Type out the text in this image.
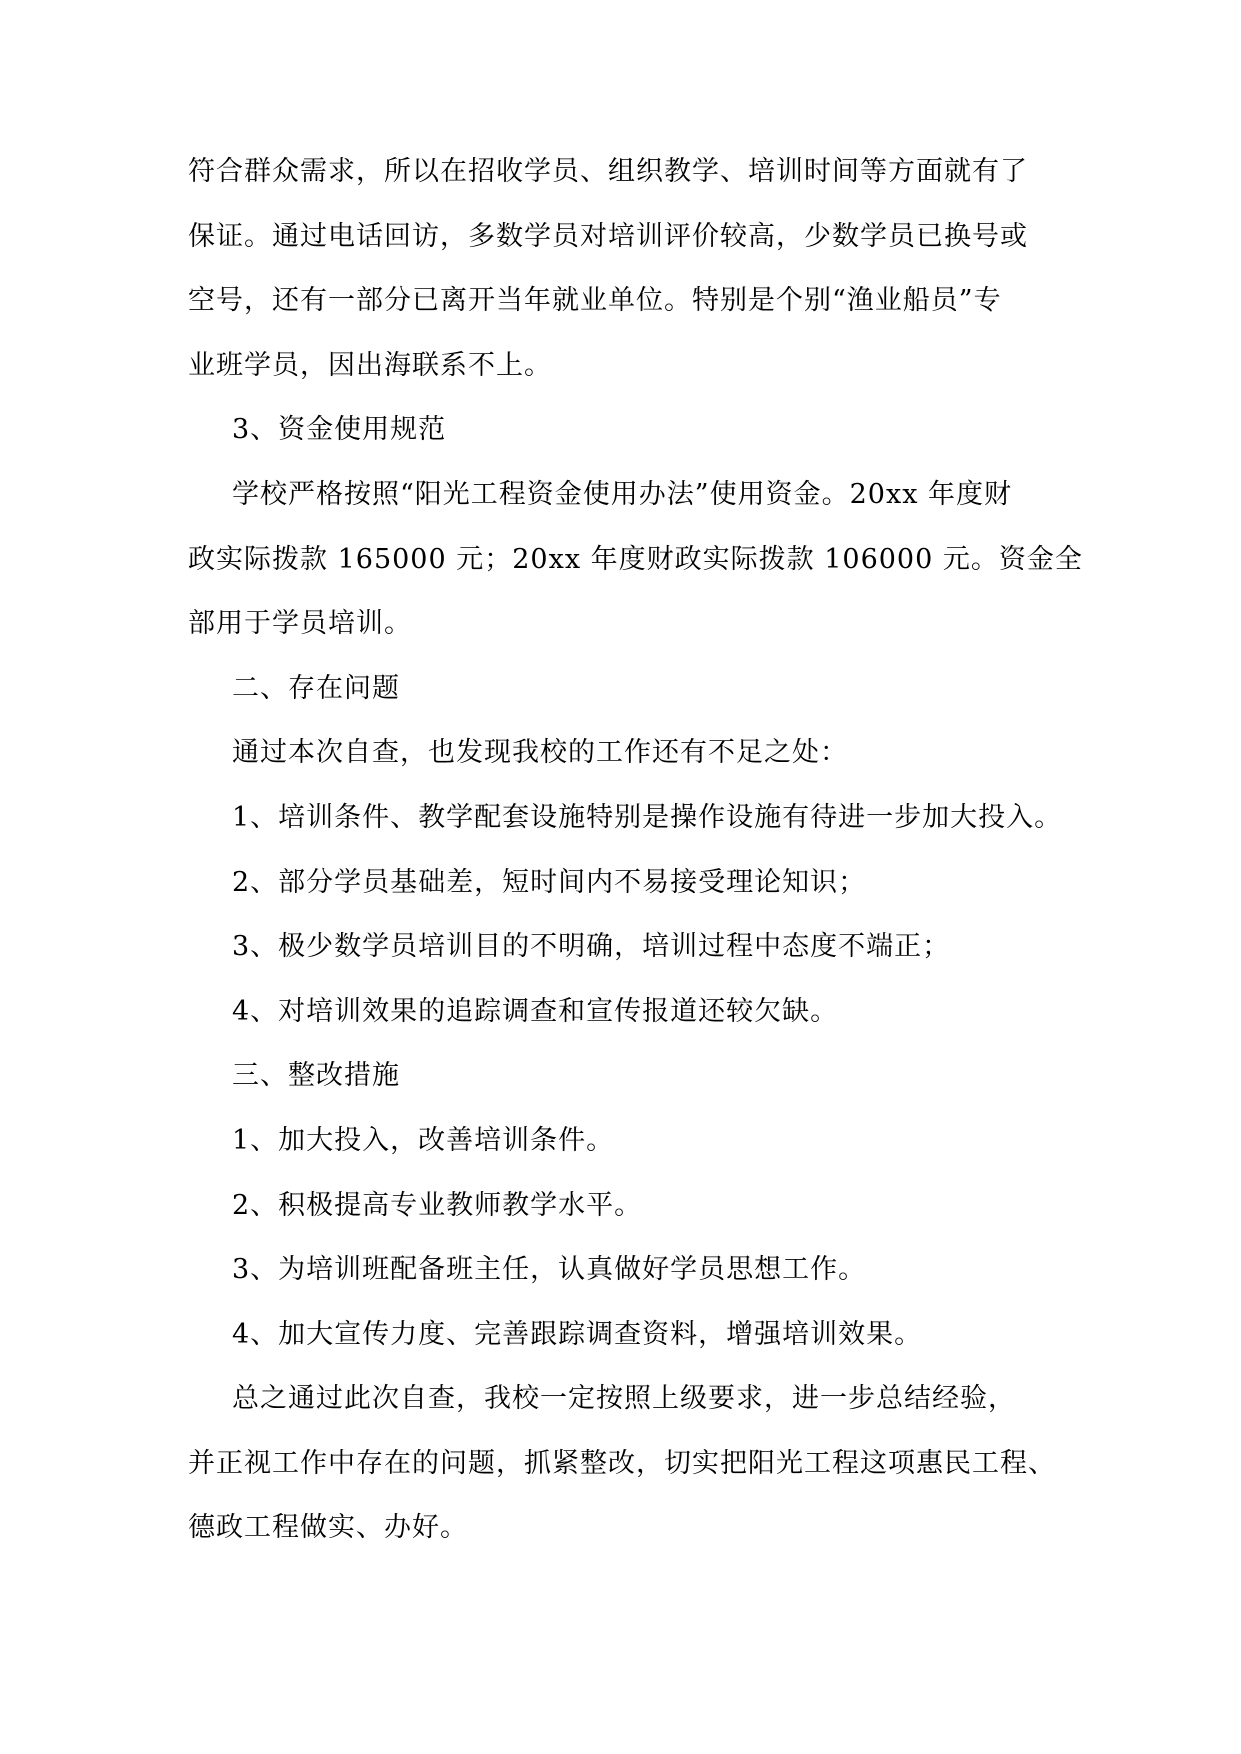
符合群众需求，所以在招收学员、组织教学、培训时间等方面就有了
保证。通过电话回访，多数学员对培训评价较高，少数学员已换号或
空号，还有一部分已离开当年就业单位。特别是个别“渔业船员”专
业班学员，因出海联系不上。
3、资金使用规范
学校严格按照“阳光工程资金使用办法”使用资金。20xx 年度财
政实际拨款 165000 元；20xx 年度财政实际拨款 106000 元。资金全
部用于学员培训。
二、存在问题
通过本次自查，也发现我校的工作还有不足之处：
1、培训条件、教学配套设施特别是操作设施有待进一步加大投入。
2、部分学员基础差，短时间内不易接受理论知识；
3、极少数学员培训目的不明确，培训过程中态度不端正；
4、对培训效果的追踪调查和宣传报道还较欠缺。
三、整改措施
1、加大投入，改善培训条件。
2、积极提高专业教师教学水平。
3、为培训班配备班主任，认真做好学员思想工作。
4、加大宣传力度、完善跟踪调查资料，增强培训效果。
总之通过此次自查，我校一定按照上级要求，进一步总结经验，
并正视工作中存在的问题，抓紧整改，切实把阳光工程这项惠民工程、
德政工程做实、办好。
